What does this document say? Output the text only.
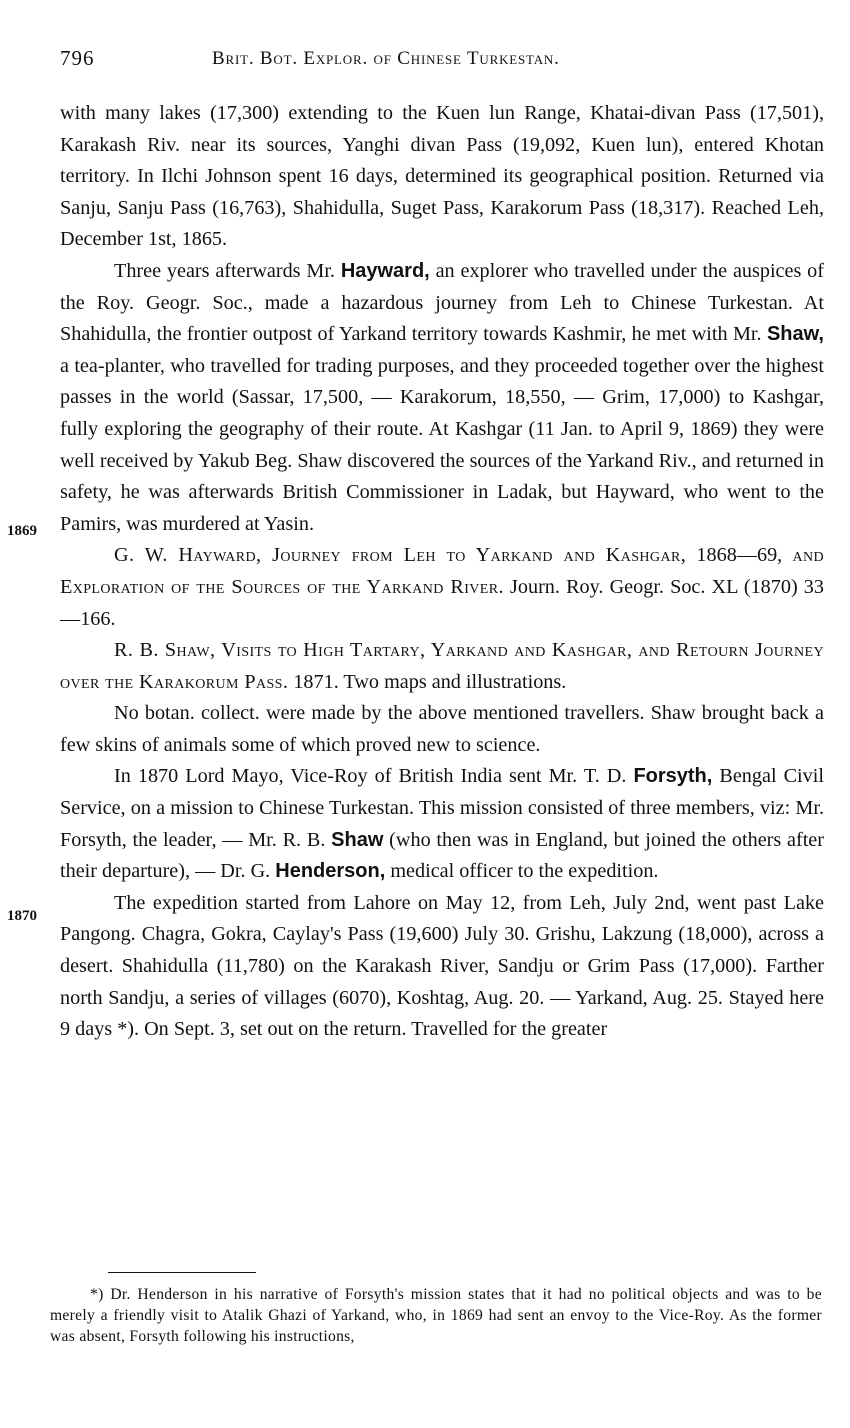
796	Brit. Bot. Explor. of Chinese Turkestan.
1869
1870

with many lakes (17,300) extending to the Kuen lun Range, Khatai-divan Pass (17,501), Karakash Riv. near its sources, Yanghi divan Pass (19,092, Kuen lun), entered Khotan territory. In Ilchi Johnson spent 16 days, determined its geographical position. Returned via Sanju, Sanju Pass (16,763), Shahidulla, Suget Pass, Karakorum Pass (18,317). Reached Leh, December 1st, 1865.

Three years afterwards Mr. Hayward, an explorer who travelled under the auspices of the Roy. Geogr. Soc., made a hazardous journey from Leh to Chinese Turkestan. At Shahidulla, the frontier outpost of Yarkand territory towards Kashmir, he met with Mr. Shaw, a tea-planter, who travelled for trading purposes, and they proceeded together over the highest passes in the world (Sassar, 17,500, — Karakorum, 18,550, — Grim, 17,000) to Kashgar, fully exploring the geography of their route. At Kashgar (11 Jan. to April 9, 1869) they were well received by Yakub Beg. Shaw discovered the sources of the Yarkand Riv., and returned in safety, he was afterwards British Commissioner in Ladak, but Hayward, who went to the Pamirs, was murdered at Yasin.

G. W. Hayward, Journey from Leh to Yarkand and Kashgar, 1868—69, and Exploration of the Sources of the Yarkand River. Journ. Roy. Geogr. Soc. XL (1870) 33—166.

R. B. Shaw, Visits to High Tartary, Yarkand and Kashgar, and Retourn Journey over the Karakorum Pass. 1871. Two maps and illustrations.

No botan. collect. were made by the above mentioned travellers. Shaw brought back a few skins of animals some of which proved new to science.

In 1870 Lord Mayo, Vice-Roy of British India sent Mr. T. D. Forsyth, Bengal Civil Service, on a mission to Chinese Turkestan. This mission consisted of three members, viz: Mr. Forsyth, the leader, — Mr. R. B. Shaw (who then was in England, but joined the others after their departure), — Dr. G. Henderson, medical officer to the expedition.

The expedition started from Lahore on May 12, from Leh, July 2nd, went past Lake Pangong. Chagra, Gokra, Caylay's Pass (19,600) July 30. Grishu, Lakzung (18,000), across a desert. Shahidulla (11,780) on the Karakash River, Sandju or Grim Pass (17,000). Farther north Sandju, a series of villages (6070), Koshtag, Aug. 20. — Yarkand, Aug. 25. Stayed here 9 days *). On Sept. 3, set out on the return. Travelled for the greater

*) Dr. Henderson in his narrative of Forsyth's mission states that it had no political objects and was to be merely a friendly visit to Atalik Ghazi of Yarkand, who, in 1869 had sent an envoy to the Vice-Roy. As the former was absent, Forsyth following his instructions,
